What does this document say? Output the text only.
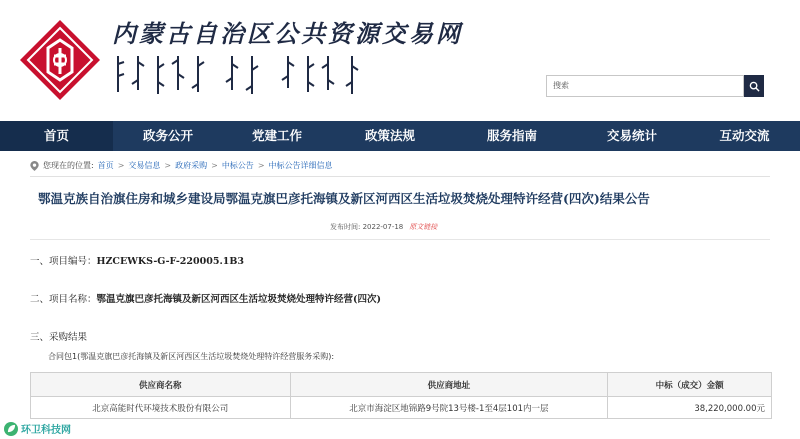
内蒙古自治区公共资源交易网
搜索
首页	政务公开	党建工作	政策法规	服务指南	交易统计	互动交流
您现在的位置: 首页 > 交易信息 > 政府采购 > 中标公告 > 中标公告详细信息
鄂温克族自治旗住房和城乡建设局鄂温克旗巴彦托海镇及新区河西区生活垃圾焚烧处理特许经营(四次)结果公告
发布时间: 2022-07-18 原文链接
一、项目编号：HZCEWKS-G-F-220005.1B3
二、项目名称：鄂温克旗巴彦托海镇及新区河西区生活垃圾焚烧处理特许经营(四次)
三、采购结果
合同包1(鄂温克旗巴彦托海镇及新区河西区生活垃圾焚烧处理特许经营服务采购):
供应商名称	供应商地址	中标（成交）金额
北京高能时代环境技术股份有限公司	北京市海淀区地锦路9号院13号楼-1至4层101内一层	38,220,000.00元
环卫科技网
